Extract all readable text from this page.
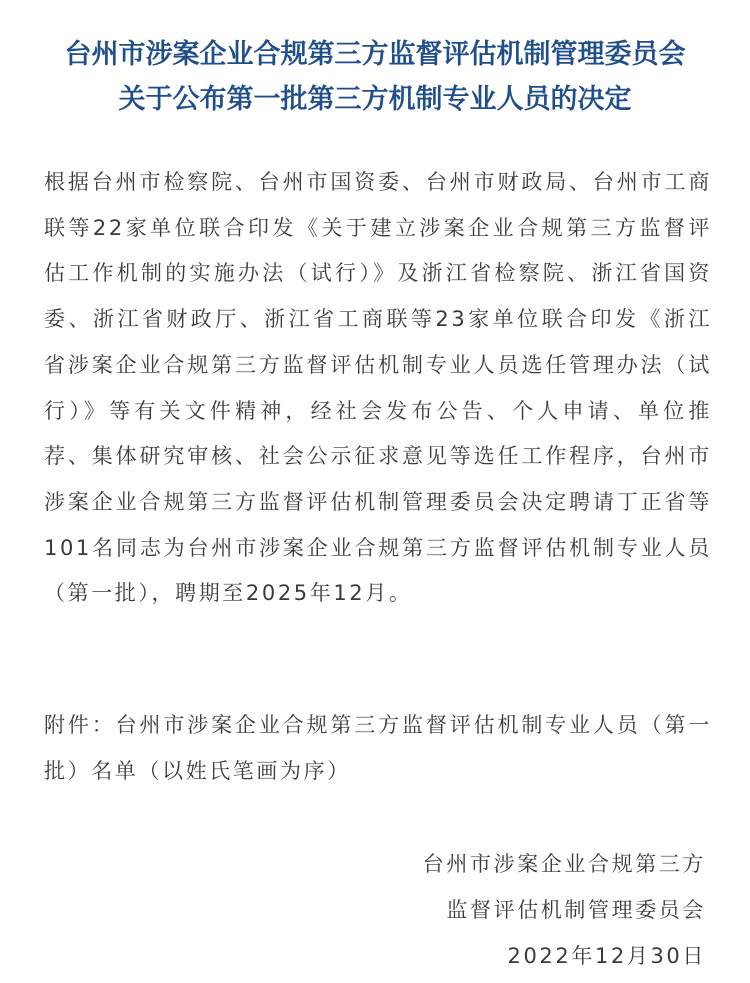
台州市涉案企业合规第三方监督评估机制管理委员会
关于公布第一批第三方机制专业人员的决定

根据台州市检察院、台州市国资委、台州市财政局、台州市工商联等22家单位联合印发《关于建立涉案企业合规第三方监督评估工作机制的实施办法（试行）》及浙江省检察院、浙江省国资委、浙江省财政厅、浙江省工商联等23家单位联合印发《浙江省涉案企业合规第三方监督评估机制专业人员选任管理办法（试行）》等有关文件精神，经社会发布公告、个人申请、单位推荐、集体研究审核、社会公示征求意见等选任工作程序，台州市涉案企业合规第三方监督评估机制管理委员会决定聘请丁正省等101名同志为台州市涉案企业合规第三方监督评估机制专业人员（第一批），聘期至2025年12月。

附件：台州市涉案企业合规第三方监督评估机制专业人员（第一批）名单（以姓氏笔画为序）

台州市涉案企业合规第三方
监督评估机制管理委员会
2022年12月30日
